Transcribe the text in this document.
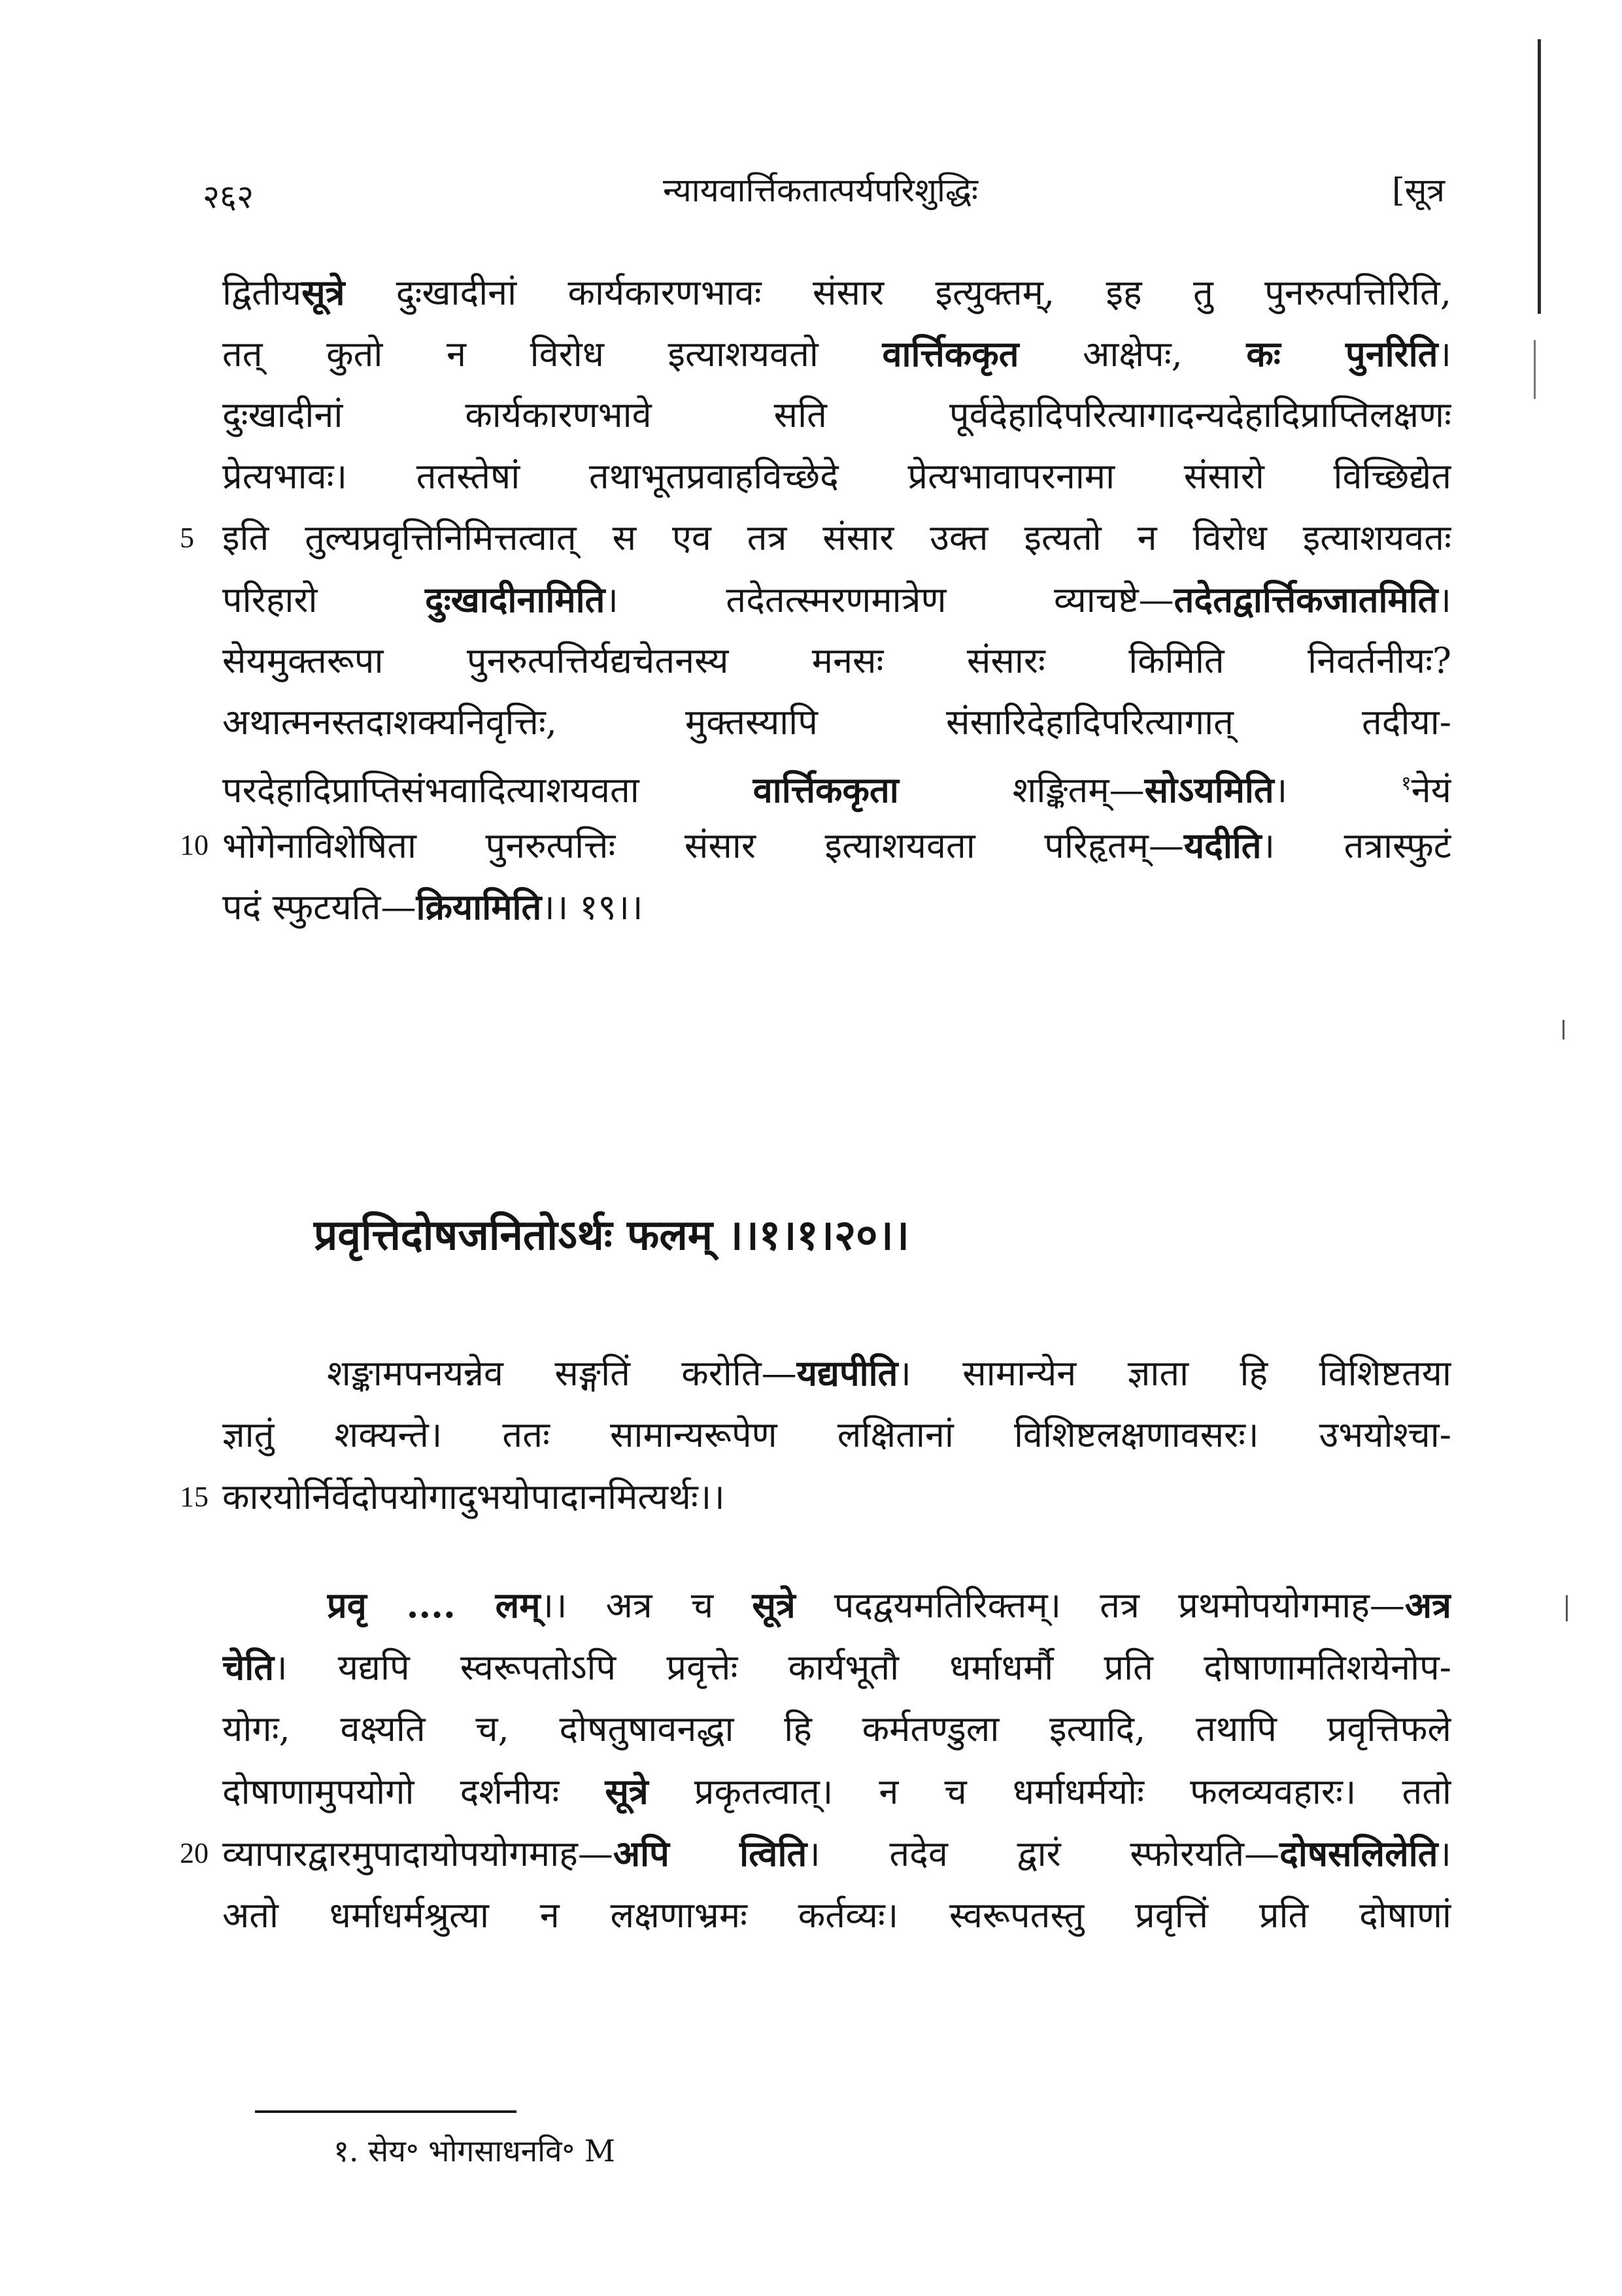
२६२	न्यायवार्त्तिकतात्पर्यपरिशुद्धिः	[सूत्र
द्वितीयसूत्रे दुःखादीनां कार्यकारणभावः संसार इत्युक्तम्, इह तु पुनरुत्पत्तिरिति,
तत् कुतो न विरोध इत्याशयवतो वार्त्तिककृत आक्षेपः, कः पुनरिति।
दुःखादीनां कार्यकारणभावे सति पूर्वदेहादिपरित्यागादन्यदेहादिप्राप्तिलक्षणः
प्रेत्यभावः। ततस्तेषां तथाभूतप्रवाहविच्छेदे प्रेत्यभावापरनामा संसारो विच्छिद्येत
5 इति तुल्यप्रवृत्तिनिमित्तत्वात् स एव तत्र संसार उक्त इत्यतो न विरोध इत्याशयवतः
परिहारो दुःखादीनामिति। तदेतत्स्मरणमात्रेण व्याचष्टे—तदेतद्वार्त्तिकजातमिति।
सेयमुक्तरूपा पुनरुत्पत्तिर्यद्यचेतनस्य मनसः संसारः किमिति निवर्तनीयः?
अथात्मनस्तदाशक्यनिवृत्तिः, मुक्तस्यापि संसारिदेहादिपरित्यागात् तदीया-
परदेहादिप्राप्तिसंभवादित्याशयवता वार्त्तिककृता शङ्कितम्—सोऽयमिति। $^१$नेयं
10 भोगेनाविशेषिता पुनरुत्पत्तिः संसार इत्याशयवता परिहृतम्—यदीति। तत्रास्फुटं
पदं स्फुटयति—क्रियामिति।। १९।।
प्रवृत्तिदोषजनितोऽर्थः फलम् ।।१।१।२०।।
शङ्कामपनयन्नेव सङ्गतिं करोति—यद्यपीति। सामान्येन ज्ञाता हि विशिष्टतया
ज्ञातुं शक्यन्ते। ततः सामान्यरूपेण लक्षितानां विशिष्टलक्षणावसरः। उभयोश्चा-
15 कारयोर्निर्वेदोपयोगादुभयोपादानमित्यर्थः।।
प्रवृ .... लम्।। अत्र च सूत्रे पदद्वयमतिरिक्तम्। तत्र प्रथमोपयोगमाह—अत्र
चेति। यद्यपि स्वरूपतोऽपि प्रवृत्तेः कार्यभूतौ धर्माधर्मौ प्रति दोषाणामतिशयेनोप-
योगः, वक्ष्यति च, दोषतुषावनद्धा हि कर्मतण्डुला इत्यादि, तथापि प्रवृत्तिफले
दोषाणामुपयोगो दर्शनीयः सूत्रे प्रकृतत्वात्। न च धर्माधर्मयोः फलव्यवहारः। ततो
20 व्यापारद्वारमुपादायोपयोगमाह—अपि त्विति। तदेव द्वारं स्फोरयति—दोषसलिलेति।
अतो धर्माधर्मश्रुत्या न लक्षणाभ्रमः कर्तव्यः। स्वरूपतस्तु प्रवृत्तिं प्रति दोषाणां
१. सेय॰ भोगसाधनवि॰ M
